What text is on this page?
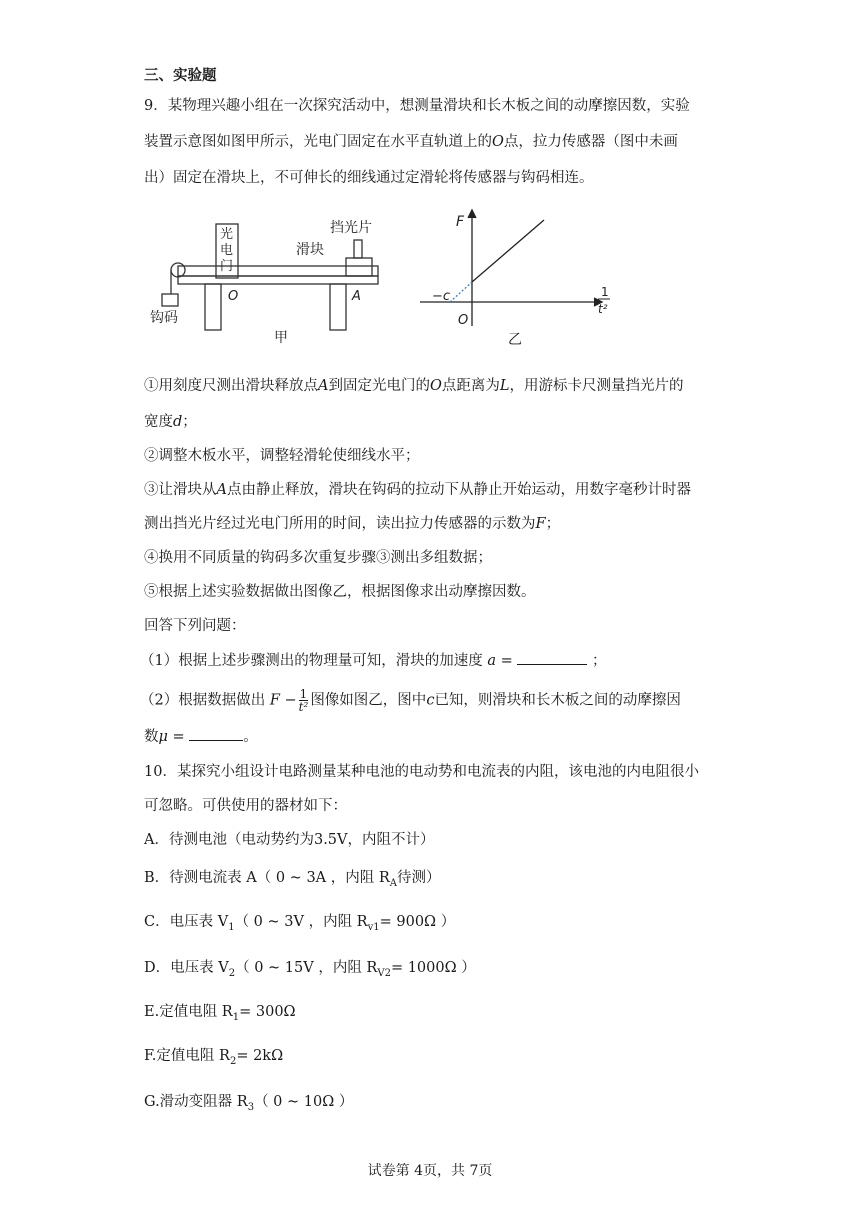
三、实验题
9．某物理兴趣小组在一次探究活动中，想测量滑块和长木板之间的动摩擦因数，实验
装置示意图如图甲所示，光电门固定在水平直轨道上的O点，拉力传感器（图中未画
出）固定在滑块上，不可伸长的细线通过定滑轮将传感器与钩码相连。
光
电
门
滑块
挡光片
钩码
O	A
甲
F
1
t²
O
−c
乙
①用刻度尺测出滑块释放点A到固定光电门的O点距离为L，用游标卡尺测量挡光片的
宽度d；
②调整木板水平，调整轻滑轮使细线水平；
③让滑块从A点由静止释放，滑块在钩码的拉动下从静止开始运动，用数字毫秒计时器
测出挡光片经过光电门所用的时间，读出拉力传感器的示数为F；
④换用不同质量的钩码多次重复步骤③测出多组数据；
⑤根据上述实验数据做出图像乙，根据图像求出动摩擦因数。
回答下列问题：
（1）根据上述步骤测出的物理量可知，滑块的加速度 a =	；
（2）根据数据做出 $F - \frac{1}{\text{t²}}$ 图像如图乙，图中c已知，则滑块和长木板之间的动摩擦因
数μ =	。
10．某探究小组设计电路测量某种电池的电动势和电流表的内阻，该电池的内电阻很小
可忽略。可供使用的器材如下：
A．待测电池（电动势约为3.5V，内阻不计）
B．待测电流表 A（ 0 ~ 3A ，内阻 $R_A$待测）
C．电压表 $V_1$（ 0 ~ 3V ，内阻 $R_{v1}= 900\Omega$ ）
D．电压表 $V_2$（ 0 ~ 15V ，内阻 $R_{V2}= 1000\Omega$ ）
E.定值电阻 $R_1= 300\Omega$
F.定值电阻 $R_2= 2k\Omega$
G.滑动变阻器 $R_3$（ 0 ~ 10Ω ）
试卷第 4页，共 7页
